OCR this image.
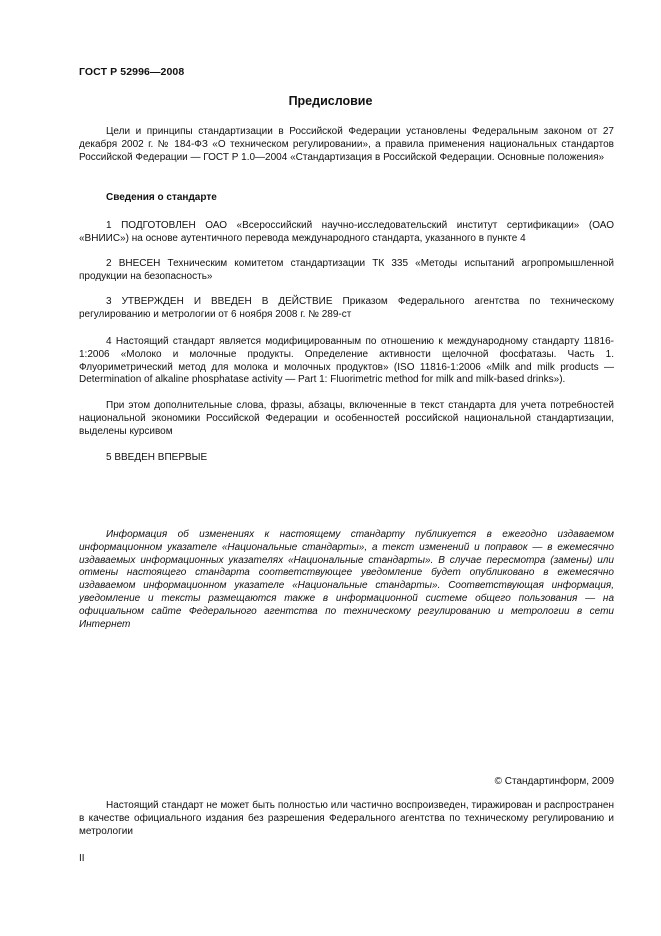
ГОСТ Р 52996—2008
Предисловие

Цели и принципы стандартизации в Российской Федерации установлены Федеральным законом от 27 декабря 2002 г. № 184-ФЗ «О техническом регулировании», а правила применения национальных стандартов Российской Федерации — ГОСТ Р 1.0—2004 «Стандартизация в Российской Федерации. Основные положения»

Сведения о стандарте

1 ПОДГОТОВЛЕН ОАО «Всероссийский научно-исследовательский институт сертификации» (ОАО «ВНИИС») на основе аутентичного перевода международного стандарта, указанного в пункте 4

2 ВНЕСЕН Техническим комитетом стандартизации ТК 335 «Методы испытаний агропромышленной продукции на безопасность»

3 УТВЕРЖДЕН И ВВЕДЕН В ДЕЙСТВИЕ Приказом Федерального агентства по техническому регулированию и метрологии от 6 ноября 2008 г. № 289-ст

4 Настоящий стандарт является модифицированным по отношению к международному стандарту 11816-1:2006 «Молоко и молочные продукты. Определение активности щелочной фосфатазы. Часть 1. Флуориметрический метод для молока и молочных продуктов» (ISO 11816-1:2006 «Milk and milk products — Determination of alkaline phosphatase activity — Part 1: Fluorimetric method for milk and milk-based drinks»).

При этом дополнительные слова, фразы, абзацы, включенные в текст стандарта для учета потребностей национальной экономики Российской Федерации и особенностей российской национальной стандартизации, выделены курсивом

5 ВВЕДЕН ВПЕРВЫЕ

Информация об изменениях к настоящему стандарту публикуется в ежегодно издаваемом информационном указателе «Национальные стандарты», а текст изменений и поправок — в ежемесячно издаваемых информационных указателях «Национальные стандарты». В случае пересмотра (замены) или отмены настоящего стандарта соответствующее уведомление будет опубликовано в ежемесячно издаваемом информационном указателе «Национальные стандарты». Соответствующая информация, уведомление и тексты размещаются также в информационной системе общего пользования — на официальном сайте Федерального агентства по техническому регулированию и метрологии в сети Интернет

© Стандартинформ, 2009

Настоящий стандарт не может быть полностью или частично воспроизведен, тиражирован и распространен в качестве официального издания без разрешения Федерального агентства по техническому регулированию и метрологии

II
